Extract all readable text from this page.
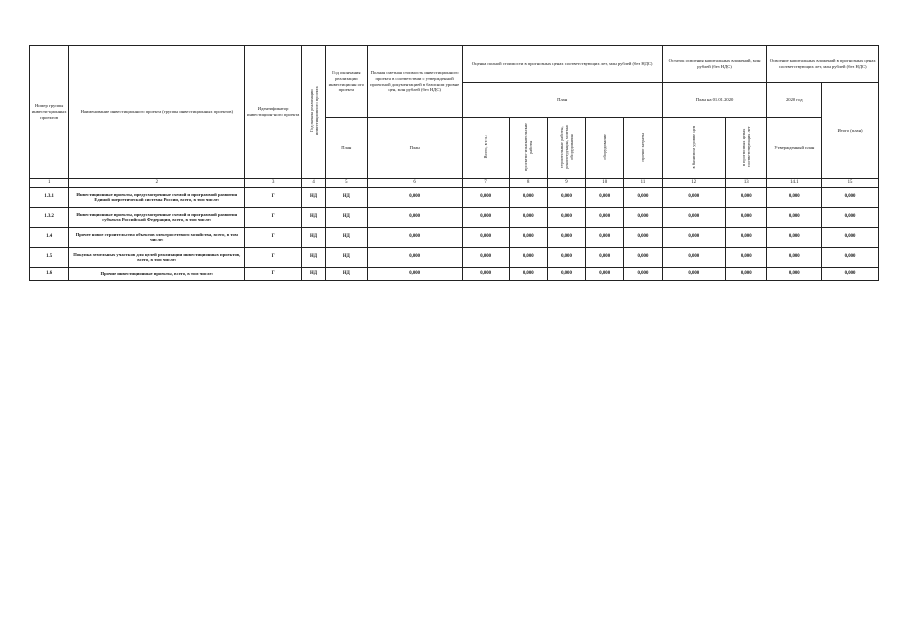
Номер группы инвести-ционных проектов	Наименование инвестиционного проекта (группы инвестиционных проектов)	Идентификатор инвестицион-ного проекта	Год начала реализации инвестиционного проекта	Год окончания реализации инвестиционн ого проекта	Полная сметная стоимость инвестиционного проекта в соответствии с утвержденной проектной документацией в базисном уровне цен, млн рублей (без НДС)	Оценка полной стоимости в прогнозных ценах соответствующих лет, млн рублей (без НДС)					Остаток освоения капитальных вложений, млн рублей (без НДС)		Освоение капитальных вложений в прогнозных ценах соответствующих лет, млн рублей (без НДС)	
						План					План на 01.01.2020		2020 год	Итого (план)
				План	План	Всего, в т.ч.:	проектно-изыскательские работы	строительные работы, реконструкция, монтаж оборудования	оборудование	прочие затраты	в базисном уровне цен	в прогнозных ценах соответствующих лет	Утвержденный план	
1	2	3	4	5	6	7	8	9	10	11	12	13	14.1	15
1.3.1	Инвестиционные проекты, предусмотренные схемой и программой развития Единой энергетической системы России, всего, в том числе:	Г	НД	НД	0,000	0,000	0,000	0,000	0,000	0,000	0,000	0,000	0,000	0,000
1.3.2	Инвестиционные проекты, предусмотренные схемой и программой развития субъекта Российской Федерации, всего, в том числе:	Г	НД	НД	0,000	0,000	0,000	0,000	0,000	0,000	0,000	0,000	0,000	0,000
1.4	Прочее новое строительство объектов электросетевого хозяйства, всего, в том числе:	Г	НД	НД	0,000	0,000	0,000	0,000	0,000	0,000	0,000	0,000	0,000	0,000
1.5	Покупка земельных участков для целей реализации инвестиционных проектов, всего, в том числе:	Г	НД	НД	0,000	0,000	0,000	0,000	0,000	0,000	0,000	0,000	0,000	0,000
1.6	Прочие инвестиционные проекты, всего, в том числе:	Г	НД	НД	0,000	0,000	0,000	0,000	0,000	0,000	0,000	0,000	0,000	0,000
